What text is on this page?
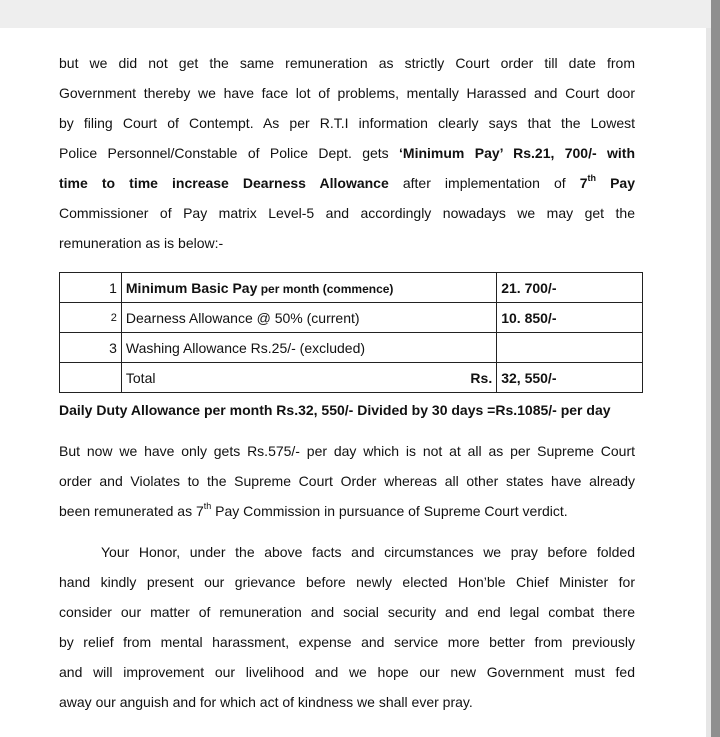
but we did not get the same remuneration as strictly Court order till date from
Government thereby we have face lot of problems, mentally Harassed and Court door
by filing Court of Contempt. As per R.T.I information clearly says that the Lowest
Police Personnel/Constable of Police Dept. gets ‘Minimum Pay’ Rs.21, 700/- with
time to time increase Dearness Allowance after implementation of 7th Pay
Commissioner of Pay matrix Level-5 and accordingly nowadays we may get the
remuneration as is below:-
1	Minimum Basic Pay per month (commence)	21. 700/-
2	Dearness Allowance @ 50% (current)	10. 850/-
3	Washing Allowance Rs.25/- (excluded)	

	Total Rs.	32, 550/-
Daily Duty Allowance per month Rs.32, 550/- Divided by 30 days =Rs.1085/- per day
But now we have only gets Rs.575/- per day which is not at all as per Supreme Court
order and Violates to the Supreme Court Order whereas all other states have already
been remunerated as 7th Pay Commission in pursuance of Supreme Court verdict.
Your Honor, under the above facts and circumstances we pray before folded
hand kindly present our grievance before newly elected Hon’ble Chief Minister for
consider our matter of remuneration and social security and end legal combat there
by relief from mental harassment, expense and service more better from previously
and will improvement our livelihood and we hope our new Government must fed
away our anguish and for which act of kindness we shall ever pray.
